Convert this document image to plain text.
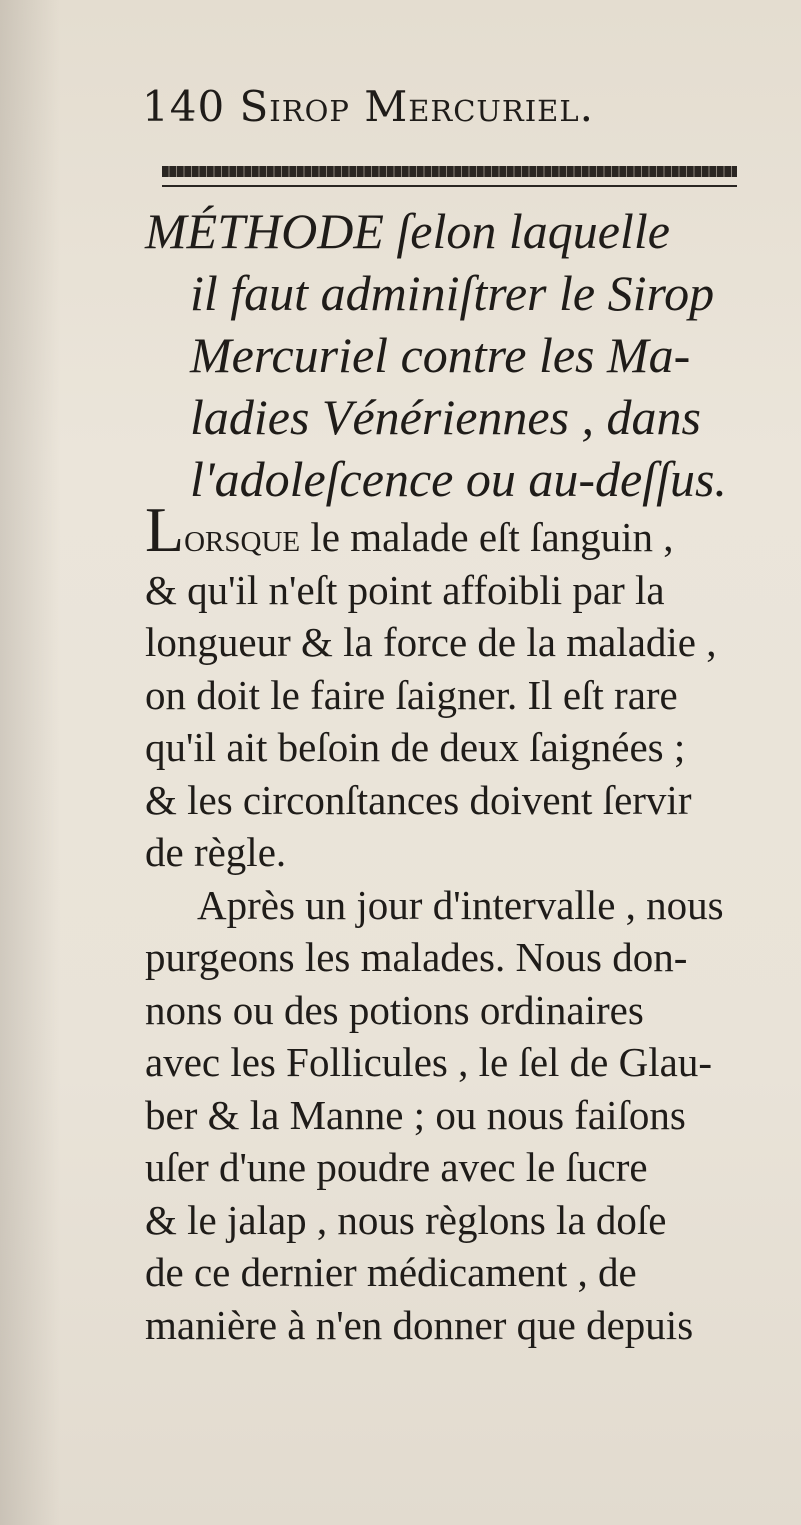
140 Sirop Mercuriel.
MÉTHODE ſelon laquelle
il faut adminiſtrer le Sirop
Mercuriel contre les Ma-
ladies Vénériennes , dans
l'adoleſcence ou au-deſſus.
Lorsque le malade eſt ſanguin ,
& qu'il n'eſt point affoibli par la
longueur & la force de la maladie ,
on doit le faire ſaigner. Il eſt rare
qu'il ait beſoin de deux ſaignées ;
& les circonſtances doivent ſervir
de règle.
Après un jour d'intervalle , nous
purgeons les malades. Nous don-
nons ou des potions ordinaires
avec les Follicules , le ſel de Glau-
ber & la Manne ; ou nous faiſons
uſer d'une poudre avec le ſucre
& le jalap , nous règlons la doſe
de ce dernier médicament , de
manière à n'en donner que depuis
